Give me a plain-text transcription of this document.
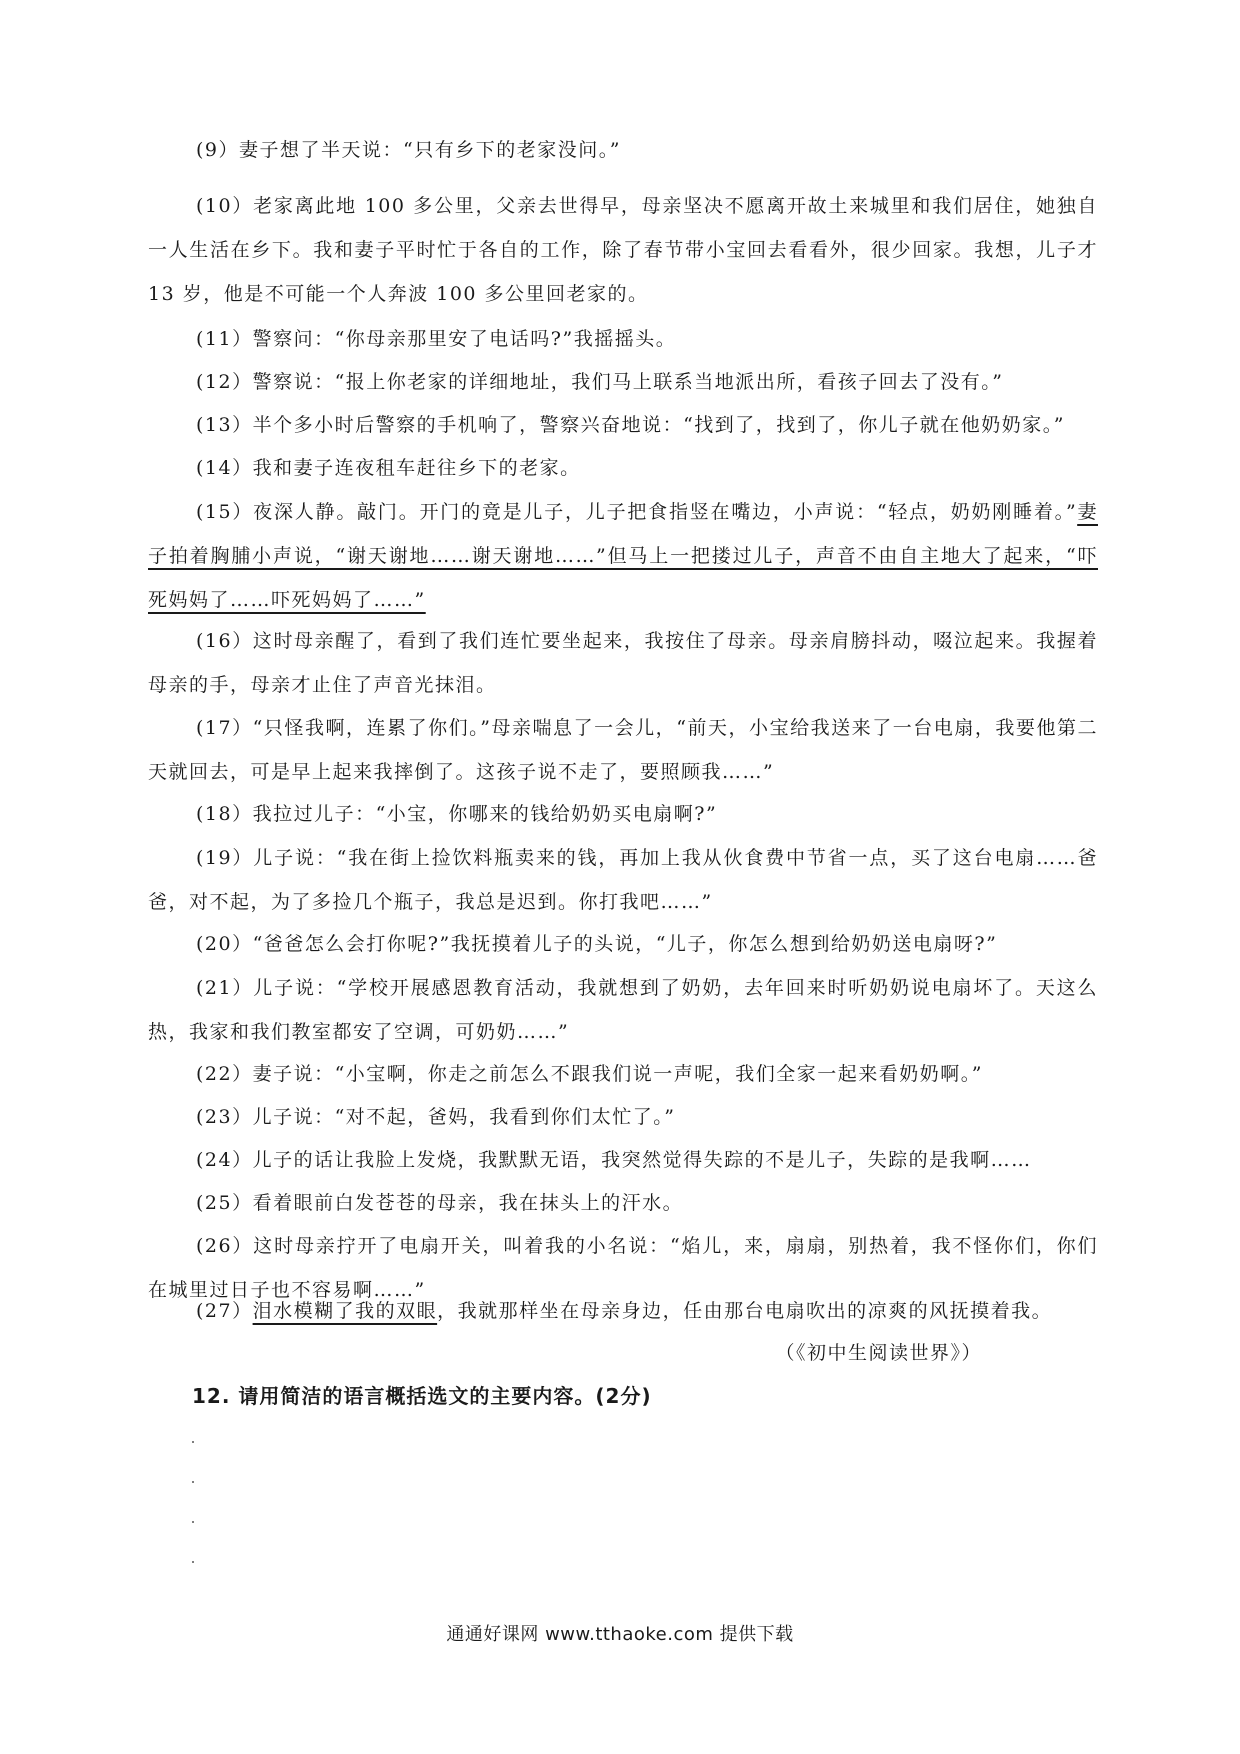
(9）妻子想了半天说：“只有乡下的老家没问。”

(10）老家离此地 100 多公里，父亲去世得早，母亲坚决不愿离开故土来城里和我们居住，她独自一人生活在乡下。我和妻子平时忙于各自的工作，除了春节带小宝回去看看外，很少回家。我想，儿子才 13 岁，他是不可能一个人奔波 100 多公里回老家的。

(11）警察问：“你母亲那里安了电话吗?”我摇摇头。

(12）警察说：“报上你老家的详细地址，我们马上联系当地派出所，看孩子回去了没有。”

(13）半个多小时后警察的手机响了，警察兴奋地说：“找到了，找到了，你儿子就在他奶奶家。”

(14）我和妻子连夜租车赶往乡下的老家。

(15）夜深人静。敲门。开门的竟是儿子，儿子把食指竖在嘴边，小声说：“轻点，奶奶刚睡着。”妻子拍着胸脯小声说，“谢天谢地……谢天谢地……”但马上一把搂过儿子，声音不由自主地大了起来，“吓死妈妈了……吓死妈妈了……”

(16）这时母亲醒了，看到了我们连忙要坐起来，我按住了母亲。母亲肩膀抖动，啜泣起来。我握着母亲的手，母亲才止住了声音光抹泪。

(17）“只怪我啊，连累了你们。”母亲喘息了一会儿，“前天，小宝给我送来了一台电扇，我要他第二天就回去，可是早上起来我摔倒了。这孩子说不走了，要照顾我……”

(18）我拉过儿子：“小宝，你哪来的钱给奶奶买电扇啊?”

(19）儿子说：“我在街上捡饮料瓶卖来的钱，再加上我从伙食费中节省一点，买了这台电扇……爸爸，对不起，为了多捡几个瓶子，我总是迟到。你打我吧……”

(20）“爸爸怎么会打你呢?”我抚摸着儿子的头说，“儿子，你怎么想到给奶奶送电扇呀?”

(21）儿子说：“学校开展感恩教育活动，我就想到了奶奶，去年回来时听奶奶说电扇坏了。天这么热，我家和我们教室都安了空调，可奶奶……”

(22）妻子说：“小宝啊，你走之前怎么不跟我们说一声呢，我们全家一起来看奶奶啊。”

(23）儿子说：“对不起，爸妈，我看到你们太忙了。”

(24）儿子的话让我脸上发烧，我默默无语，我突然觉得失踪的不是儿子，失踪的是我啊……

(25）看着眼前白发苍苍的母亲，我在抹头上的汗水。

(26）这时母亲拧开了电扇开关，叫着我的小名说：“焰儿，来，扇扇，别热着，我不怪你们，你们在城里过日子也不容易啊……”

(27）泪水模糊了我的双眼，我就那样坐在母亲身边，任由那台电扇吹出的凉爽的风抚摸着我。

（《初中生阅读世界》）
12. 请用简洁的语言概括选文的主要内容。(2分)
通通好课网 www.tthaoke.com 提供下载
